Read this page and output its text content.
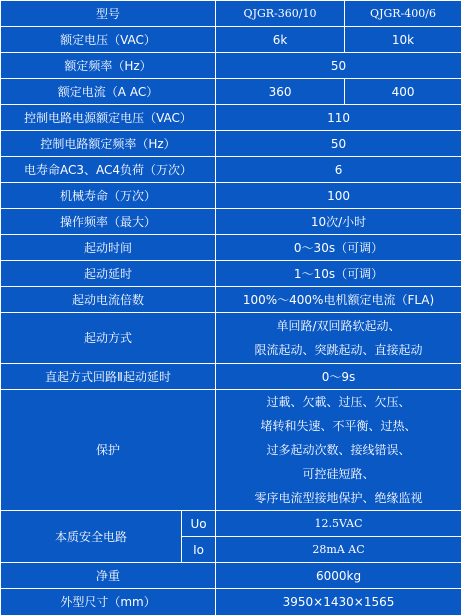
型号		QJGR-360/10	QJGR-400/6
额定电压（VAC）		6k	10k
额定频率（Hz）		50	
额定电流（A AC）		360	400
控制电路电源额定电压（VAC）		110	
控制电路额定频率（Hz）		50	
电寿命AC3、AC4负荷（万次）		6	
机械寿命（万次）		100	
操作频率（最大）		10次/小时	
起动时间		0～30s（可调）	
起动延时		1～10s（可调）	
起动电流倍数		100%～400%电机额定电流（FLA)	
起动方式		单回路/双回路软起动、
限流起动、突跳起动、直接起动	

直起方式回路Ⅱ起动延时		0～9s	
保护		过載、欠載、过压、欠压、
堵转和失速、不平衡、过热、
过多起动次数、接线错误、
可控硅短路、
零序电流型接地保护、绝缘监视	

本质安全电路	Uo	12.5VAC	
	Io	28mA AC	
净重		6000kg	
外型尺寸（mm）		3950×1430×1565	
